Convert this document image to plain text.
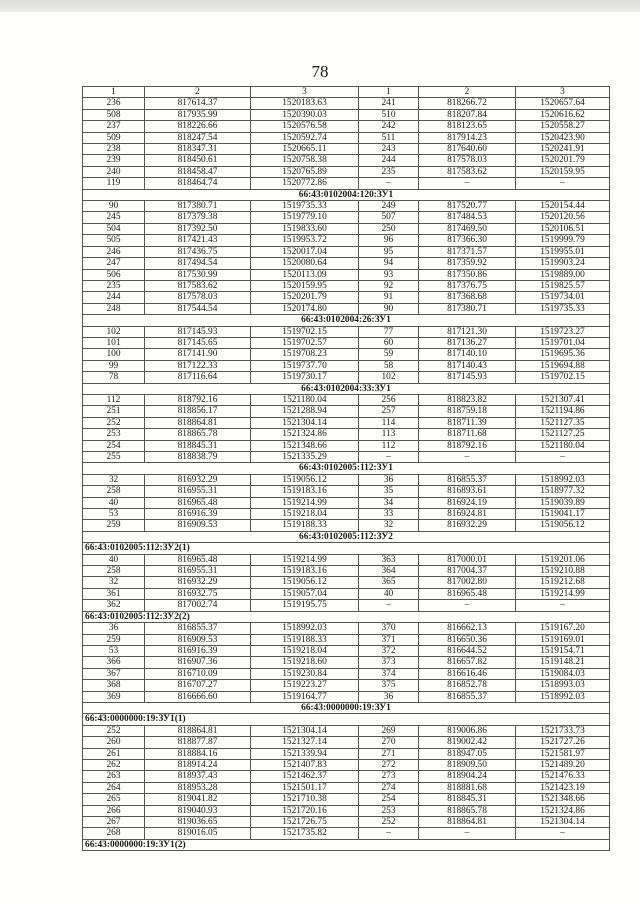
78
1	2	3	1	2	3
236	817614.37	1520183.63	241	818266.72	1520657.64
508	817935.99	1520390.03	510	818207.84	1520616.62
237	818226.66	1520576.58	242	818123.65	1520558.27
509	818247.54	1520592.74	511	817914.23	1520423.90
238	818347.31	1520665.11	243	817640.60	1520241.91
239	818450.61	1520758.38	244	817578.03	1520201.79
240	818458.47	1520765.89	235	817583.62	1520159.95
119	818464.74	1520772.86	–	–	–
66:43:0102004:120:ЗУ1					
90	817380.71	1519735.33	249	817520.77	1520154.44
245	817379.38	1519779.10	507	817484.53	1520120.56
504	817392.50	1519833.60	250	817469.50	1520106.51
505	817421.43	1519953.72	96	817366.30	1519999.79
246	817436.75	1520017.04	95	817371.57	1519955.01
247	817494.54	1520080.64	94	817359.92	1519903.24
506	817530.99	1520113.09	93	817350.86	1519889.00
235	817583.62	1520159.95	92	817376.75	1519825.57
244	817578.03	1520201.79	91	817368.68	1519734.01
248	817544.54	1520174.80	90	817380.71	1519735.33
66:43:0102004:26:ЗУ1					
102	817145.93	1519702.15	77	817121.30	1519723.27
101	817145.65	1519702.57	60	817136.27	1519701.04
100	817141.90	1519708.23	59	817140.10	1519695.36
99	817122.33	1519737.70	58	817140.43	1519694.88
78	817116.64	1519730.17	102	817145.93	1519702.15
66:43:0102004:33:ЗУ1					
112	818792.16	1521180.04	256	818823.82	1521307.41
251	818856.17	1521288.94	257	818759.18	1521194.86
252	818864.81	1521304.14	114	818711.39	1521127.35
253	818865.78	1521324.86	113	818711.68	1521127.25
254	818845.31	1521348.66	112	818792.16	1521180.04
255	818838.79	1521335.29	–	–	–
66:43:0102005:112:ЗУ1					
32	816932.29	1519056.12	36	816855.37	1518992.03
258	816955.31	1519183.16	35	816893.61	1518977.32
40	816965.48	1519214.99	34	816924.19	1519039.89
53	816916.39	1519218.04	33	816924.81	1519041.17
259	816909.53	1519188.33	32	816932.29	1519056.12
66:43:0102005:112:ЗУ2					
66:43:0102005:112:ЗУ2(1)					
40	816965.48	1519214.99	363	817000.01	1519201.06
258	816955.31	1519183.16	364	817004.37	1519210.88
32	816932.29	1519056.12	365	817002.80	1519212.68
361	816932.75	1519057.04	40	816965.48	1519214.99
362	817002.74	1519195.75	–	–	–
66:43:0102005:112:ЗУ2(2)					
36	816855.37	1518992.03	370	816662.13	1519167.20
259	816909.53	1519188.33	371	816650.36	1519169.01
53	816916.39	1519218.04	372	816644.52	1519154.71
366	816907.36	1519218.60	373	816657.82	1519148.21
367	816710.09	1519230.84	374	816616.46	1519084.03
368	816707.27	1519223.27	375	816852.78	1518993.03
369	816666.60	1519164.77	36	816855.37	1518992.03
66:43:0000000:19:ЗУ1					
66:43:0000000:19:ЗУ1(1)					
252	818864.81	1521304.14	269	819006.86	1521733.73
260	818877.87	1521327.14	270	819002.42	1521727.26
261	818884.16	1521339.94	271	818947.05	1521581.97
262	818914.24	1521407.83	272	818909.50	1521489.20
263	818937.43	1521462.37	273	818904.24	1521476.33
264	818953.28	1521501.17	274	818881.68	1521423.19
265	819041.82	1521710.38	254	818845.31	1521348.66
266	819040.93	1521720.16	253	818865.78	1521324.86
267	819036.65	1521726.75	252	818864.81	1521304.14
268	819016.05	1521735.82	–	–	–
66:43:0000000:19:ЗУ1(2)					
